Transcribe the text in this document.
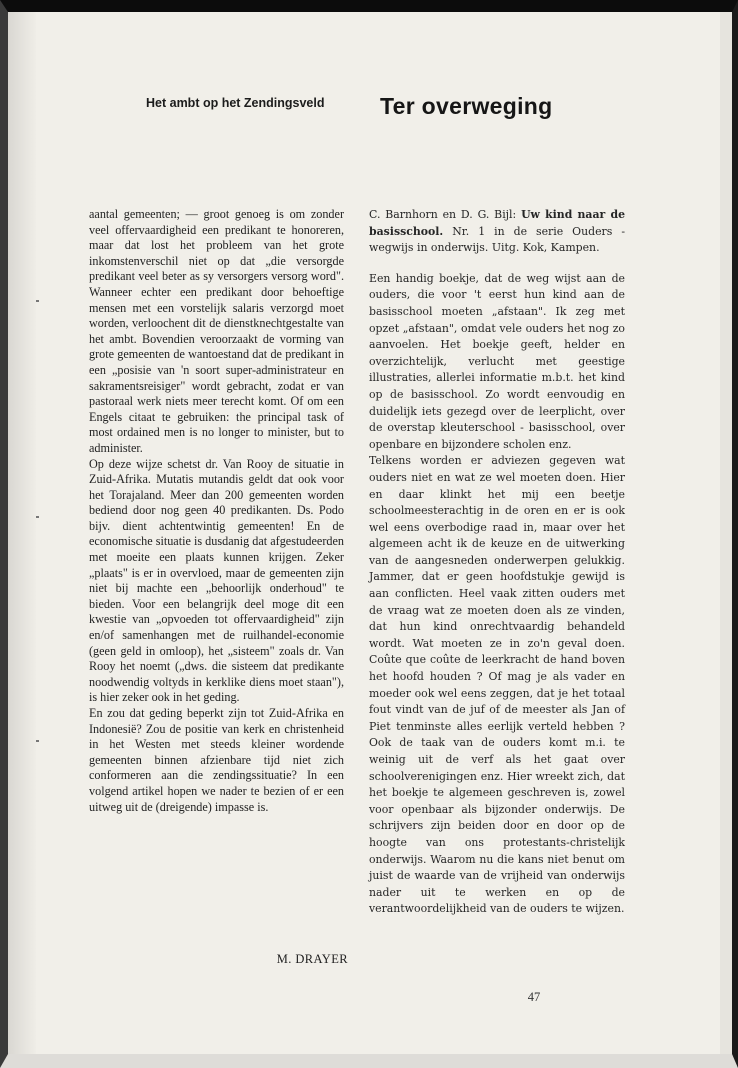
Het ambt op het Zendingsveld	Ter overweging

aantal gemeenten; — groot genoeg is om zonder veel offervaardigheid een predikant te honoreren, maar dat lost het probleem van het grote inkomstenverschil niet op dat „die versorgde predikant veel beter as sy versorgers versorg word". Wanneer echter een predikant door behoeftige mensen met een vorstelijk salaris verzorgd moet worden, verloochent dit de dienstknechtgestalte van het ambt. Bovendien veroorzaakt de vorming van grote gemeenten de wantoestand dat de predikant in een „posisie van 'n soort super-administrateur en sakramentsreisiger" wordt gebracht, zodat er van pastoraal werk niets meer terecht komt. Of om een Engels citaat te gebruiken: the principal task of most ordained men is no longer to minister, but to administer.

Op deze wijze schetst dr. Van Rooy de situatie in Zuid-Afrika. Mutatis mutandis geldt dat ook voor het Torajaland. Meer dan 200 gemeenten worden bediend door nog geen 40 predikanten. Ds. Podo bijv. dient achtentwintig gemeenten! En de economische situatie is dusdanig dat afgestudeerden met moeite een plaats kunnen krijgen. Zeker „plaats" is er in overvloed, maar de gemeenten zijn niet bij machte een „behoorlijk onderhoud" te bieden. Voor een belangrijk deel moge dit een kwestie van „opvoeden tot offervaardigheid" zijn en/of samenhangen met de ruilhandel-economie (geen geld in omloop), het „sisteem" zoals dr. Van Rooy het noemt („dws. die sisteem dat predikante noodwendig voltyds in kerklike diens moet staan"), is hier zeker ook in het geding.

En zou dat geding beperkt zijn tot Zuid-Afrika en Indonesië? Zou de positie van kerk en christenheid in het Westen met steeds kleiner wordende gemeenten binnen afzienbare tijd niet zich conformeren aan die zendingssituatie? In een volgend artikel hopen we nader te bezien of er een uitweg uit de (dreigende) impasse is.

M. DRAYER

C. Barnhorn en D. G. Bijl: Uw kind naar de basisschool. Nr. 1 in de serie Ouders - wegwijs in onderwijs. Uitg. Kok, Kampen.

Een handig boekje, dat de weg wijst aan de ouders, die voor 't eerst hun kind aan de basisschool moeten „afstaan". Ik zeg met opzet „afstaan", omdat vele ouders het nog zo aanvoelen. Het boekje geeft, helder en overzichtelijk, verlucht met geestige illustraties, allerlei informatie m.b.t. het kind op de basisschool. Zo wordt eenvoudig en duidelijk iets gezegd over de leerplicht, over de overstap kleuterschool - basisschool, over openbare en bijzondere scholen enz.

Telkens worden er adviezen gegeven wat ouders niet en wat ze wel moeten doen. Hier en daar klinkt het mij een beetje schoolmeesterachtig in de oren en er is ook wel eens overbodige raad in, maar over het algemeen acht ik de keuze en de uitwerking van de aangesneden onderwerpen gelukkig. Jammer, dat er geen hoofdstukje gewijd is aan conflicten. Heel vaak zitten ouders met de vraag wat ze moeten doen als ze vinden, dat hun kind onrechtvaardig behandeld wordt. Wat moeten ze in zo'n geval doen. Coûte que coûte de leerkracht de hand boven het hoofd houden ? Of mag je als vader en moeder ook wel eens zeggen, dat je het totaal fout vindt van de juf of de meester als Jan of Piet tenminste alles eerlijk verteld hebben ? Ook de taak van de ouders komt m.i. te weinig uit de verf als het gaat over schoolverenigingen enz. Hier wreekt zich, dat het boekje te algemeen geschreven is, zowel voor openbaar als bijzonder onderwijs. De schrijvers zijn beiden door en door op de hoogte van ons protestants-christelijk onderwijs. Waarom nu die kans niet benut om juist de waarde van de vrijheid van onderwijs nader uit te werken en op de verantwoordelijkheid van de ouders te wijzen.

47
